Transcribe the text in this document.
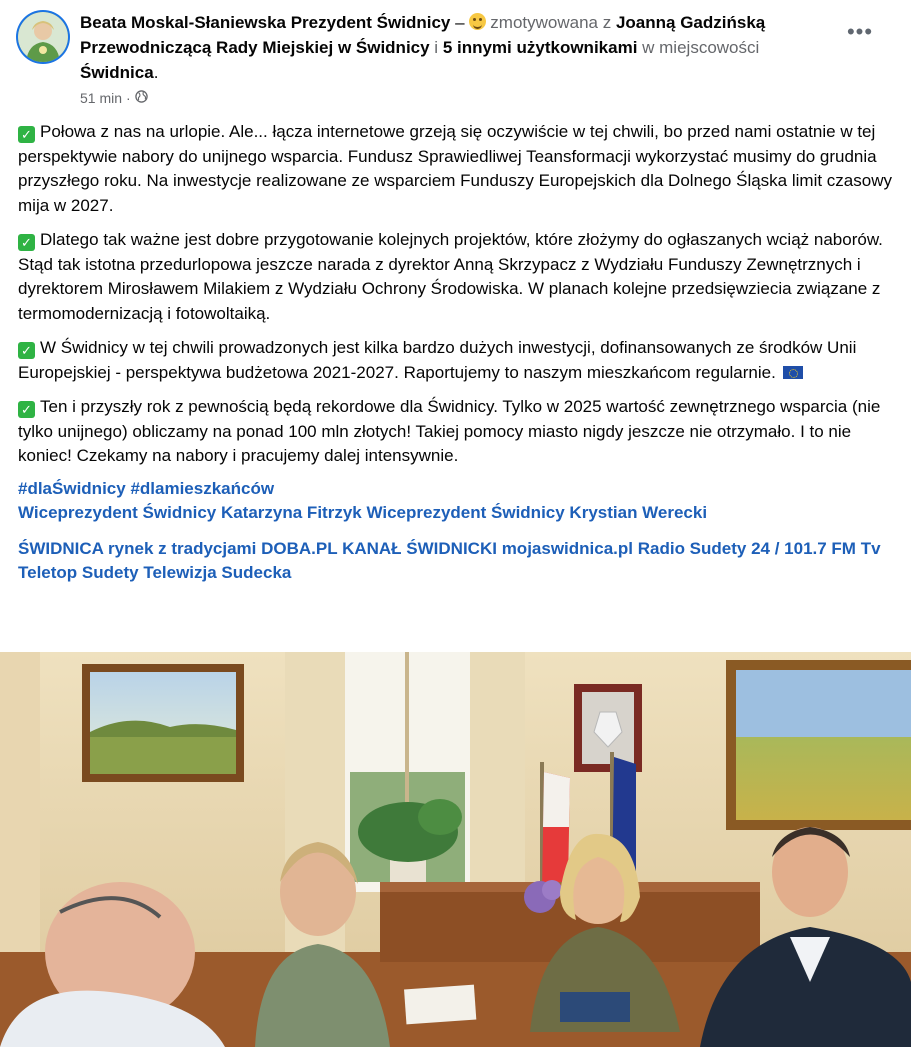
Beata Moskal-Słaniewska Prezydent Świdnicy –
zmotywowana z Joanną Gadzińską Przewodniczącą Rady Miejskiej w Świdnicy i 5 innymi użytkownikami w miejscowości Świdnica.
51 min ·
•••

✓ Połowa z nas na urlopie. Ale... łącza internetowe grzeją się oczywiście w tej chwili, bo przed nami ostatnie w tej perspektywie nabory do unijnego wsparcia. Fundusz Sprawiedliwej Teansformacji wykorzystać musimy do grudnia przyszłego roku. Na inwestycje realizowane ze wsparciem Funduszy Europejskich dla Dolnego Śląska limit czasowy mija w 2027.

✓ Dlatego tak ważne jest dobre przygotowanie kolejnych projektów, które złożymy do ogłaszanych wciąż naborów. Stąd tak istotna przedurlopowa jeszcze narada z dyrektor Anną Skrzypacz z Wydziału Funduszy Zewnętrznych i dyrektorem Mirosławem Milakiem z Wydziału Ochrony Środowiska. W planach kolejne przedsięwziecia związane z termomodernizacją i fotowoltaiką.

✓ W Świdnicy w tej chwili prowadzonych jest kilka bardzo dużych inwestycji, dofinansowanych ze środków Unii Europejskiej - perspektywa budżetowa 2021-2027. Raportujemy to naszym mieszkańcom regularnie.

✓ Ten i przyszły rok z pewnością będą rekordowe dla Świdnicy. Tylko w 2025 wartość zewnętrznego wsparcia (nie tylko unijnego) obliczamy na ponad 100 mln złotych! Takiej pomocy miasto nigdy jeszcze nie otrzymało. I to nie koniec! Czekamy na nabory i pracujemy dalej intensywnie.

#dlaŚwidnicy #dlamieszkańców
Wiceprezydent Świdnicy Katarzyna Fitrzyk Wiceprezydent Świdnicy Krystian Werecki
ŚWIDNICA rynek z tradycjami DOBA.PL KANAŁ ŚWIDNICKI mojaswidnica.pl Radio Sudety 24 / 101.7 FM Tv Teletop Sudety Telewizja Sudecka
